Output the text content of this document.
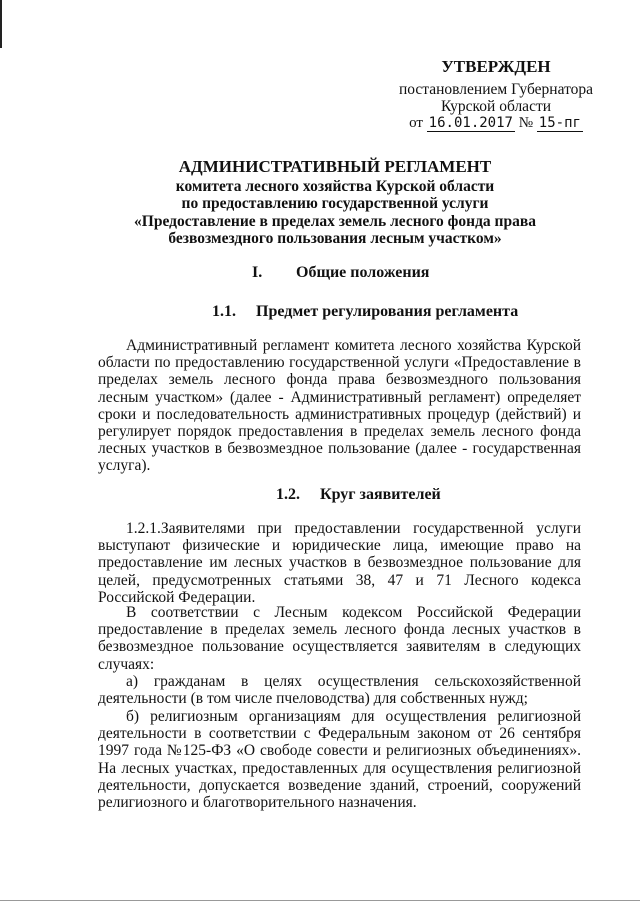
УТВЕРЖДЕН
постановлением Губернатора
Курской области
от 16.01.2017 № 15-пг
АДМИНИСТРАТИВНЫЙ РЕГЛАМЕНТ
комитета лесного хозяйства Курской области
по предоставлению государственной услуги
«Предоставление в пределах земель лесного фонда права
безвозмездного пользования лесным участком»
I. Общие положения
1.1. Предмет регулирования регламента
Административный регламент комитета лесного хозяйства Курской области по предоставлению государственной услуги «Предоставление в пределах земель лесного фонда права безвозмездного пользования лесным участком» (далее - Административный регламент) определяет сроки и последовательность административных процедур (действий) и регулирует порядок предоставления в пределах земель лесного фонда лесных участков в безвозмездное пользование (далее - государственная услуга).
1.2. Круг заявителей
1.2.1.Заявителями при предоставлении государственной услуги выступают физические и юридические лица, имеющие право на предоставление им лесных участков в безвозмездное пользование для целей, предусмотренных статьями 38, 47 и 71 Лесного кодекса Российской Федерации.
В соответствии с Лесным кодексом Российской Федерации предоставление в пределах земель лесного фонда лесных участков в безвозмездное пользование осуществляется заявителям в следующих случаях:
а) гражданам в целях осуществления сельскохозяйственной деятельности (в том числе пчеловодства) для собственных нужд;
б) религиозным организациям для осуществления религиозной деятельности в соответствии с Федеральным законом от 26 сентября 1997 года №125-ФЗ «О свободе совести и религиозных объединениях». На лесных участках, предоставленных для осуществления религиозной деятельности, допускается возведение зданий, строений, сооружений религиозного и благотворительного назначения.
